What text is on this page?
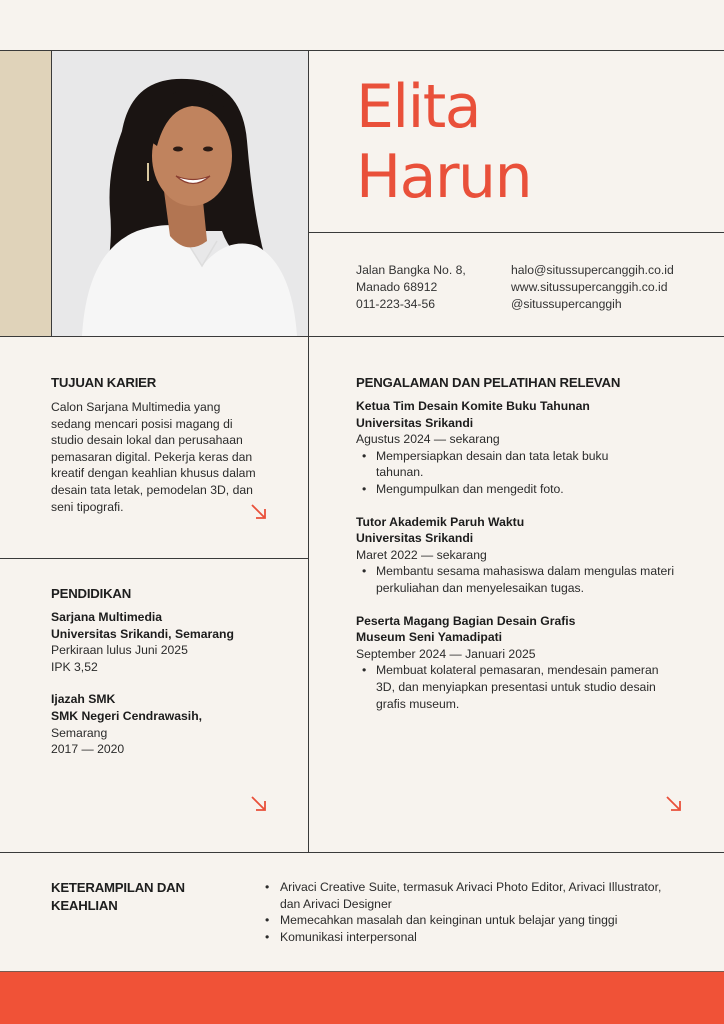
Elita
Harun
Jalan Bangka No. 8,
Manado 68912
011-223-34-56
halo@situssupercanggih.co.id
www.situssupercanggih.co.id
@situssupercanggih
TUJUAN KARIER
Calon Sarjana Multimedia yang sedang mencari posisi magang di studio desain lokal dan perusahaan pemasaran digital. Pekerja keras dan kreatif dengan keahlian khusus dalam desain tata letak, pemodelan 3D, dan seni tipografi.
PENDIDIKAN
Sarjana Multimedia
Universitas Srikandi, Semarang
Perkiraan lulus Juni 2025
IPK 3,52
Ijazah SMK
SMK Negeri Cendrawasih,
Semarang
2017 — 2020
PENGALAMAN DAN PELATIHAN RELEVAN
Ketua Tim Desain Komite Buku Tahunan
Universitas Srikandi
Agustus 2024 — sekarang
• Mempersiapkan desain dan tata letak buku tahunan.
• Mengumpulkan dan mengedit foto.
Tutor Akademik Paruh Waktu
Universitas Srikandi
Maret 2022 — sekarang
• Membantu sesama mahasiswa dalam mengulas materi perkuliahan dan menyelesaikan tugas.
Peserta Magang Bagian Desain Grafis
Museum Seni Yamadipati
September 2024 — Januari 2025
• Membuat kolateral pemasaran, mendesain pameran 3D, dan menyiapkan presentasi untuk studio desain grafis museum.
KETERAMPILAN DAN
KEAHLIAN
• Arivaci Creative Suite, termasuk Arivaci Photo Editor, Arivaci Illustrator, dan Arivaci Designer
• Memecahkan masalah dan keinginan untuk belajar yang tinggi
• Komunikasi interpersonal
